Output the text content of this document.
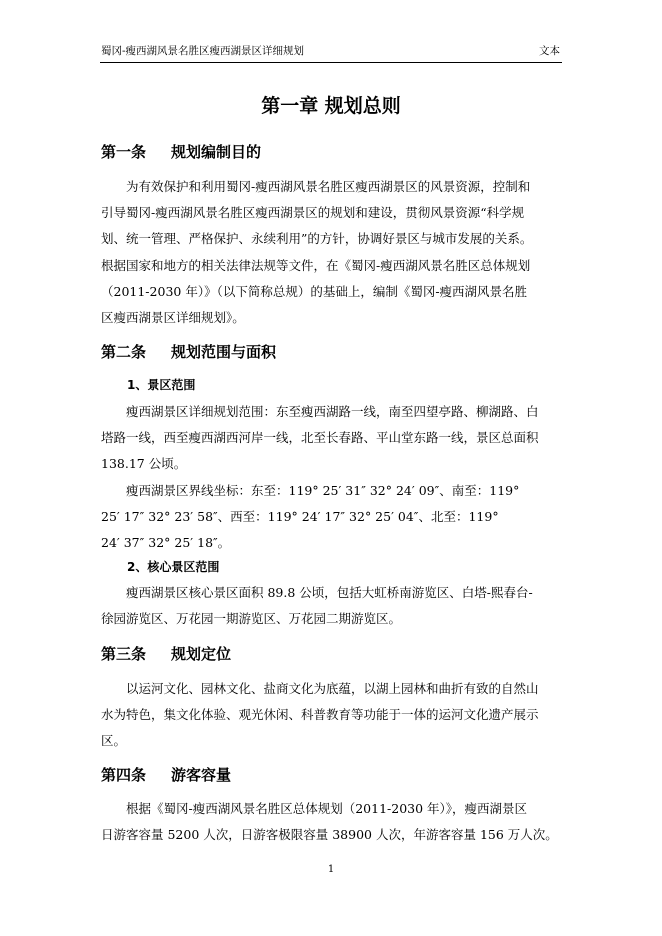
蜀冈-瘦西湖风景名胜区瘦西湖景区详细规划	文本
第一章 规划总则
第一条 规划编制目的
为有效保护和利用蜀冈-瘦西湖风景名胜区瘦西湖景区的风景资源，控制和
引导蜀冈-瘦西湖风景名胜区瘦西湖景区的规划和建设，贯彻风景资源“科学规
划、统一管理、严格保护、永续利用”的方针，协调好景区与城市发展的关系。
根据国家和地方的相关法律法规等文件，在《蜀冈-瘦西湖风景名胜区总体规划
（2011-2030 年）》（以下简称总规）的基础上，编制《蜀冈-瘦西湖风景名胜
区瘦西湖景区详细规划》。
第二条 规划范围与面积
1、景区范围
瘦西湖景区详细规划范围：东至瘦西湖路一线，南至四望亭路、柳湖路、白
塔路一线，西至瘦西湖西河岸一线，北至长春路、平山堂东路一线，景区总面积
138.17 公顷。
瘦西湖景区界线坐标：东至：119° 25′ 31″ 32° 24′ 09″、南至：119°
25′ 17″ 32° 23′ 58″、西至：119° 24′ 17″ 32° 25′ 04″、北至：119°
24′ 37″ 32° 25′ 18″。
2、核心景区范围
瘦西湖景区核心景区面积 89.8 公顷，包括大虹桥南游览区、白塔-熙春台-
徐园游览区、万花园一期游览区、万花园二期游览区。
第三条 规划定位
以运河文化、园林文化、盐商文化为底蕴，以湖上园林和曲折有致的自然山
水为特色，集文化体验、观光休闲、科普教育等功能于一体的运河文化遗产展示
区。
第四条 游客容量
根据《蜀冈-瘦西湖风景名胜区总体规划（2011-2030 年）》，瘦西湖景区
日游客容量 5200 人次，日游客极限容量 38900 人次，年游客容量 156 万人次。
1
